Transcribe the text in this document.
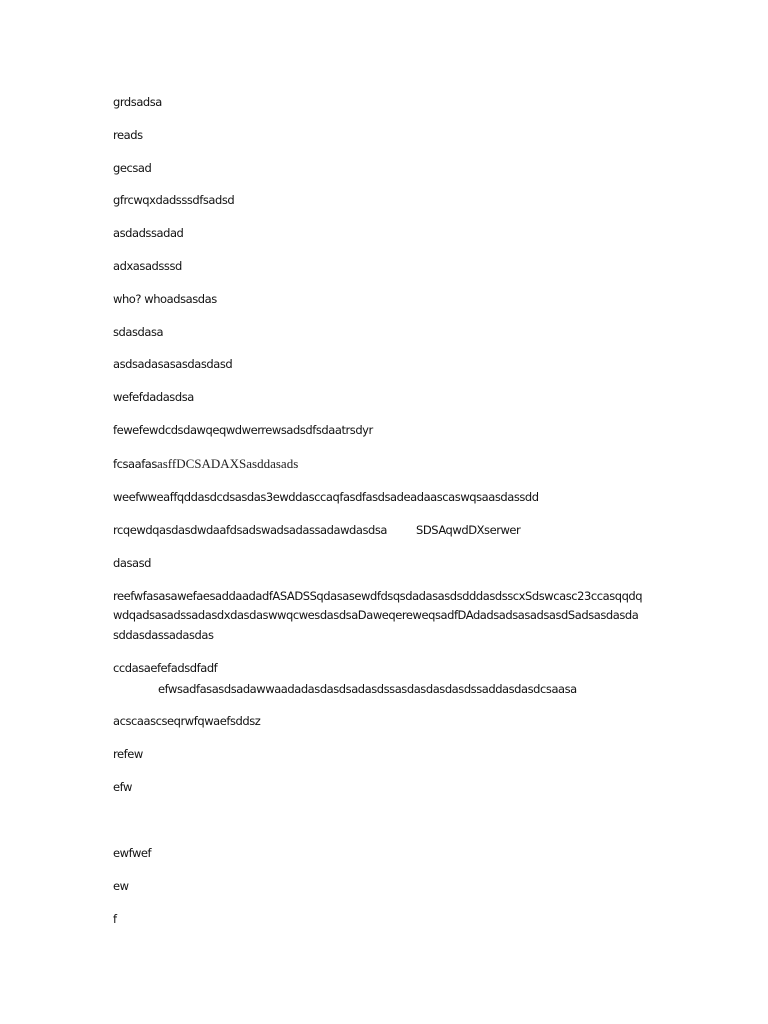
grdsadsa

reads

gecsad

gfrcwqxdadsssdfsadsd

asdadssadad

adxasadsssd

who? whoadsasdas

sdasdasa

asdsadasasasdasdasd

wefefdadasdsa

fewefewdcdsdawqeqwdwerrewsadsdfsdaatrsdyr

fcsaafasasffDCSADAXSasddasads

weefwweaffqddasdcdsasdas3ewddasccaqfasdfasdsadeadaascaswqsaasdassdd

rcqewdqasdasdwdaafdsadswadsadassadawdasdsa	SDSAqwdDXserwer

dasasd

reefwfasasawefaesaddaadadfASADSSqdasasewdfdsqsdadasasdsdddasdsscxSdswcasc23ccasqqdq

wdqadsasadssadasdxdasdaswwqcwesdasdsaDaweqereweqsadfDAdadsadsasadsasdSadsasdasda

sddasdassadasdas

ccdasaefefadsdfadf

efwsadfasasdsadawwaadadasdasdsadasdssasdasdasdasdssaddasdasdcsaasa

acscaascseqrwfqwaefsddsz

refew

efw

ewfwef

ew

f
